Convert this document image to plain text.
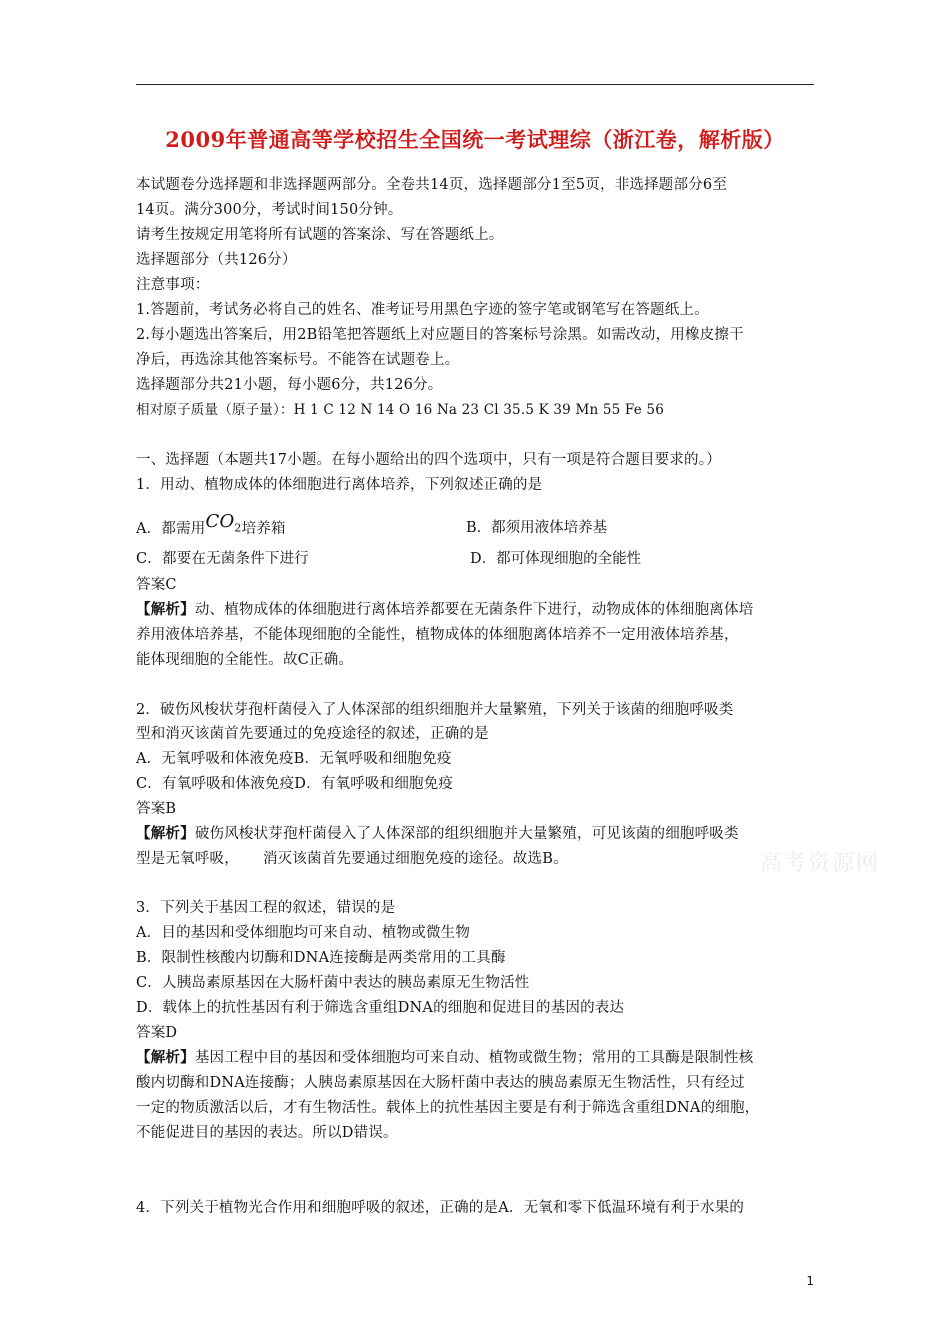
2009年普通高等学校招生全国统一考试理综（浙江卷，解析版）
本试题卷分选择题和非选择题两部分。全卷共14页，选择题部分1至5页，非选择题部分6至
14页。满分300分，考试时间150分钟。
请考生按规定用笔将所有试题的答案涂、写在答题纸上。
选择题部分（共126分）
注意事项：
1.答题前，考试务必将自己的姓名、准考证号用黑色字迹的签字笔或钢笔写在答题纸上。
2.每小题选出答案后，用2B铅笔把答题纸上对应题目的答案标号涂黑。如需改动，用橡皮擦干
净后，再选涂其他答案标号。不能答在试题卷上。
选择题部分共21小题，每小题6分，共126分。
相对原子质量（原子量）：H 1 C 12 N 14 O 16 Na 23 Cl 35.5 K 39 Mn 55 Fe 56
一、选择题（本题共17小题。在每小题给出的四个选项中，只有一项是符合题目要求的。）
1．用动、植物成体的体细胞进行离体培养，下列叙述正确的是
A．都需用$CO_2$培养箱	B．都须用液体培养基
C．都要在无菌条件下进行	D．都可体现细胞的全能性
答案C
【解析】动、植物成体的体细胞进行离体培养都要在无菌条件下进行，动物成体的体细胞离体培
养用液体培养基，不能体现细胞的全能性，植物成体的体细胞离体培养不一定用液体培养基，
能体现细胞的全能性。故C正确。
2．破伤风梭状芽孢杆菌侵入了人体深部的组织细胞并大量繁殖，下列关于该菌的细胞呼吸类
型和消灭该菌首先要通过的免疫途径的叙述，正确的是
A．无氧呼吸和体液免疫B．无氧呼吸和细胞免疫
C．有氧呼吸和体液免疫D．有氧呼吸和细胞免疫
答案B
【解析】破伤风梭状芽孢杆菌侵入了人体深部的组织细胞并大量繁殖，可见该菌的细胞呼吸类
型是无氧呼吸，     消灭该菌首先要通过细胞免疫的途径。故选B。	高考资源网
3．下列关于基因工程的叙述，错误的是
A．目的基因和受体细胞均可来自动、植物或微生物
B．限制性核酸内切酶和DNA连接酶是两类常用的工具酶
C．人胰岛素原基因在大肠杆菌中表达的胰岛素原无生物活性
D．载体上的抗性基因有利于筛选含重组DNA的细胞和促进目的基因的表达
答案D
【解析】基因工程中目的基因和受体细胞均可来自动、植物或微生物；常用的工具酶是限制性核
酸内切酶和DNA连接酶；人胰岛素原基因在大肠杆菌中表达的胰岛素原无生物活性，只有经过
一定的物质激活以后，才有生物活性。载体上的抗性基因主要是有利于筛选含重组DNA的细胞，
不能促进目的基因的表达。所以D错误。
4．下列关于植物光合作用和细胞呼吸的叙述，正确的是A．无氧和零下低温环境有利于水果的
1
